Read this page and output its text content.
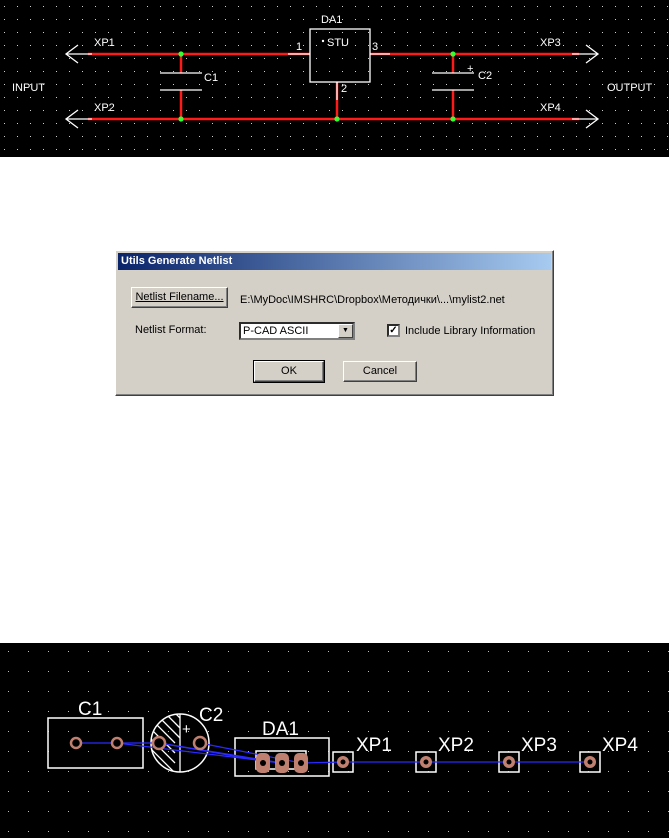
DA1
STU
1	3
2
XP1
XP2
XP3
XP4
C1
+
C2
INPUT	OUTPUT
Utils Generate Netlist
Netlist Filename...	E:\MyDoc\IMSHRC\Dropbox\Методички\...\mylist2.net
Netlist Format:	P-CAD ASCII	▼	✓ Include Library Information
OK	Cancel
C1	C2
+	DA1
XP1 XP2 XP3 XP4
